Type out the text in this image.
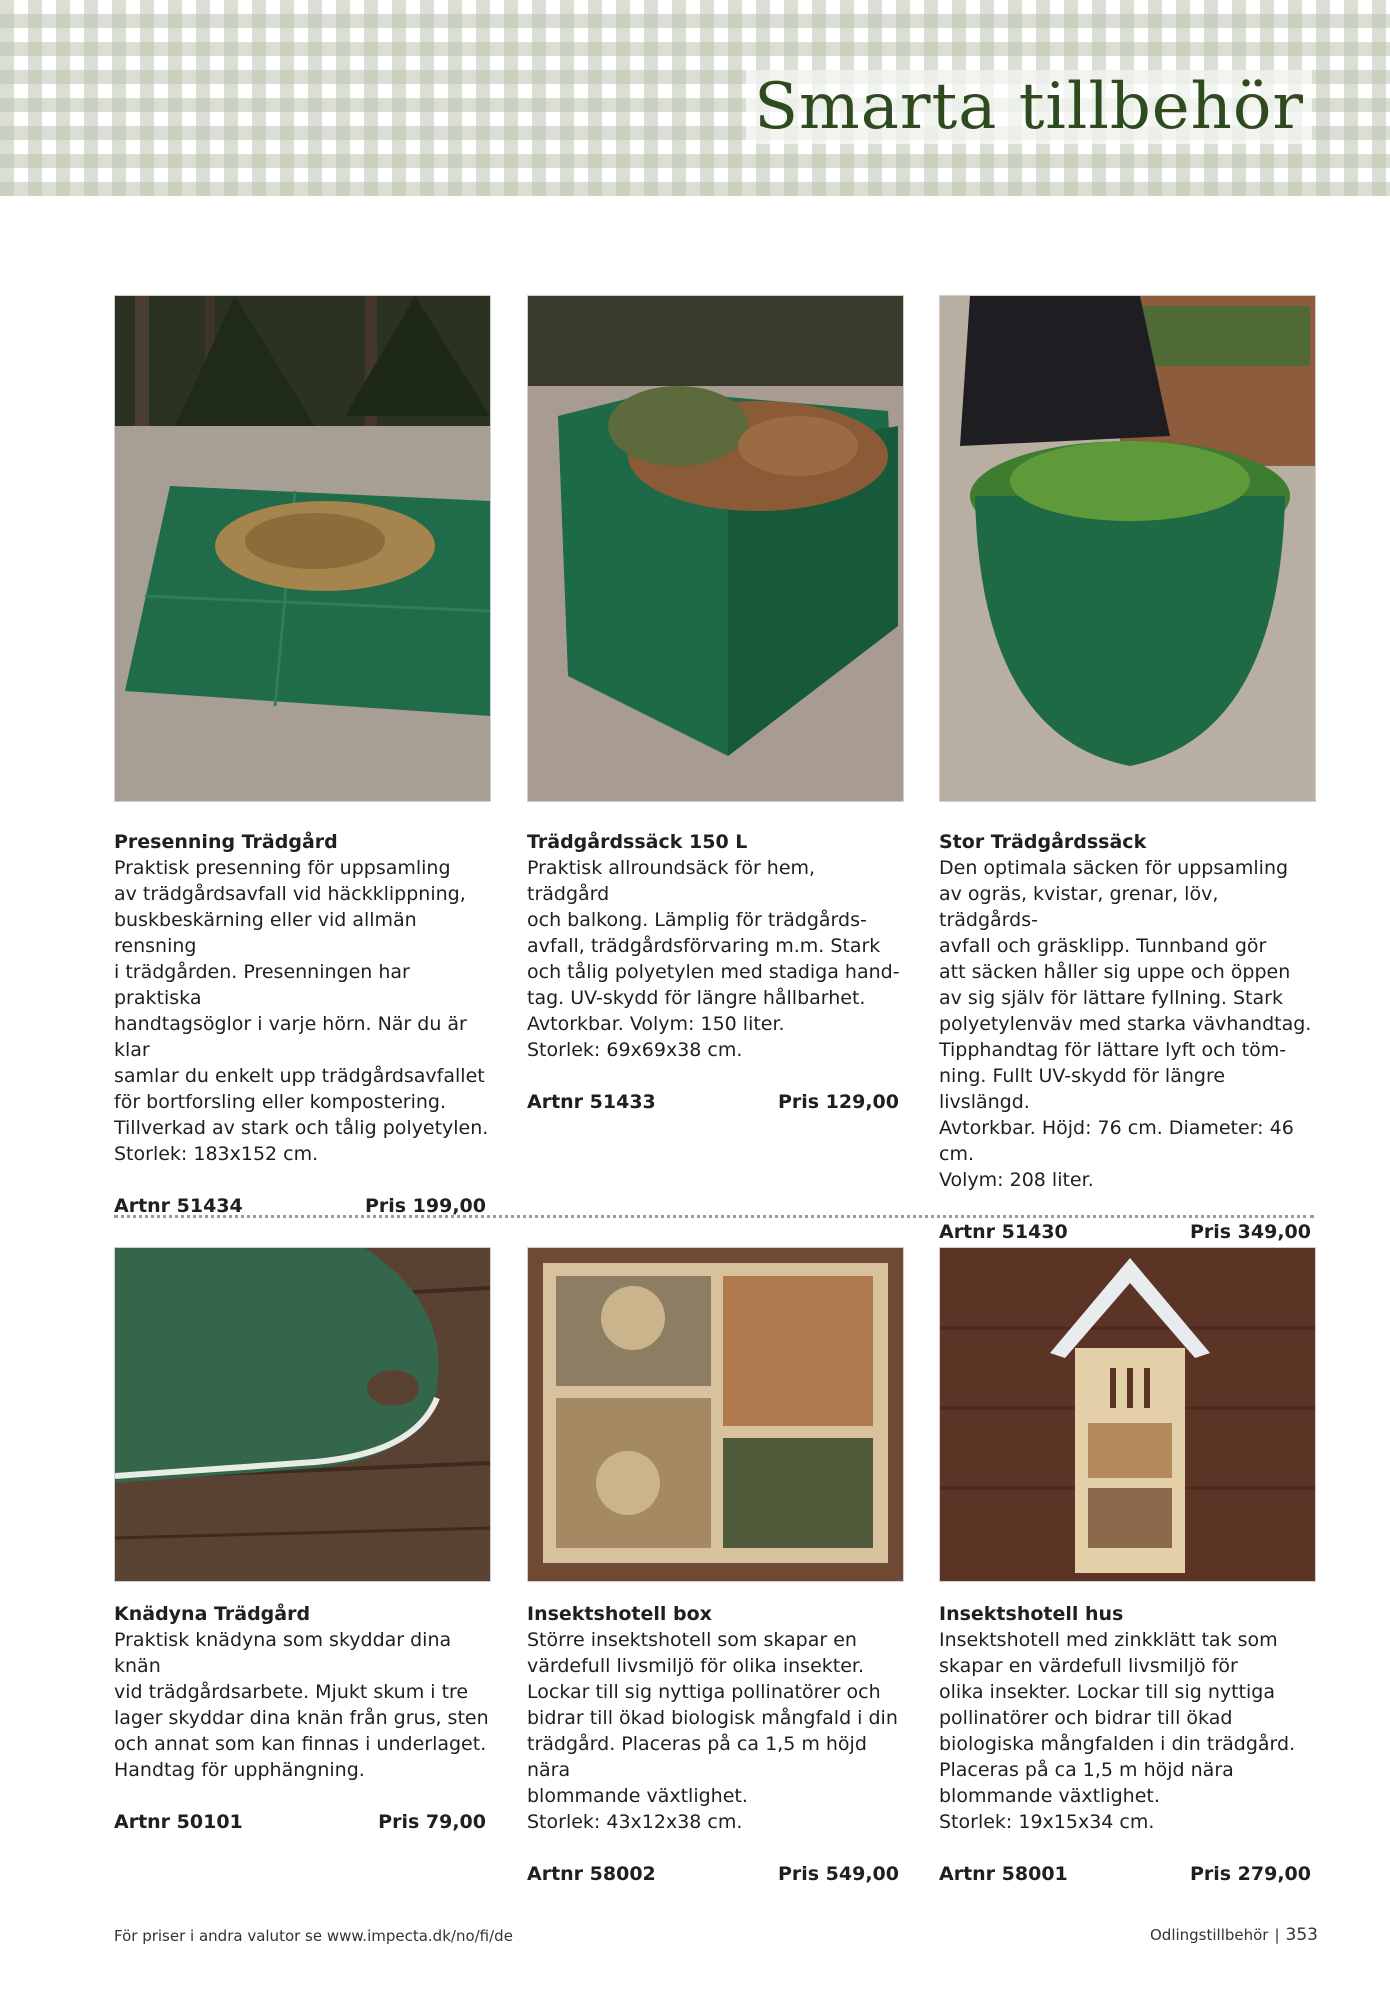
Smarta tillbehör
Presenning Trädgård

Praktisk presenning för uppsamling
av trädgårdsavfall vid häckklippning,
buskbeskärning eller vid allmän rensning
i trädgården. Presenningen har praktiska
handtagsöglor i varje hörn. När du är klar
samlar du enkelt upp trädgårdsavfallet
för bortforsling eller kompostering.
Tillverkad av stark och tålig polyetylen.
Storlek: 183x152 cm.

Artnr 51434	Pris 199,00
Trädgårdssäck 150 L

Praktisk allroundsäck för hem, trädgård
och balkong. Lämplig för trädgårds-
avfall, trädgårdsförvaring m.m. Stark
och tålig polyetylen med stadiga hand-
tag. UV-skydd för längre hållbarhet.
Avtorkbar. Volym: 150 liter.
Storlek: 69x69x38 cm.

Artnr 51433	Pris 129,00
Stor Trädgårdssäck

Den optimala säcken för uppsamling
av ogräs, kvistar, grenar, löv, trädgårds-
avfall och gräsklipp. Tunnband gör
att säcken håller sig uppe och öppen
av sig själv för lättare fyllning. Stark
polyetylenväv med starka vävhandtag.
Tipphandtag för lättare lyft och töm-
ning. Fullt UV-skydd för längre livslängd.
Avtorkbar. Höjd: 76 cm. Diameter: 46 cm.
Volym: 208 liter.

Artnr 51430	Pris 349,00
Knädyna Trädgård

Praktisk knädyna som skyddar dina knän
vid trädgårdsarbete. Mjukt skum i tre
lager skyddar dina knän från grus, sten
och annat som kan finnas i underlaget.
Handtag för upphängning.

Artnr 50101	Pris 79,00
Insektshotell box

Större insektshotell som skapar en
värdefull livsmiljö för olika insekter.
Lockar till sig nyttiga pollinatörer och
bidrar till ökad biologisk mångfald i din
trädgård. Placeras på ca 1,5 m höjd nära
blommande växtlighet.
Storlek: 43x12x38 cm.

Artnr 58002	Pris 549,00
Insektshotell hus

Insektshotell med zinkklätt tak som
skapar en värdefull livsmiljö för
olika insekter. Lockar till sig nyttiga
pollinatörer och bidrar till ökad
biologiska mångfalden i din trädgård.
Placeras på ca 1,5 m höjd nära
blommande växtlighet.
Storlek: 19x15x34 cm.

Artnr 58001	Pris 279,00
För priser i andra valutor se www.impecta.dk/no/fi/de	Odlingstillbehör | 353
